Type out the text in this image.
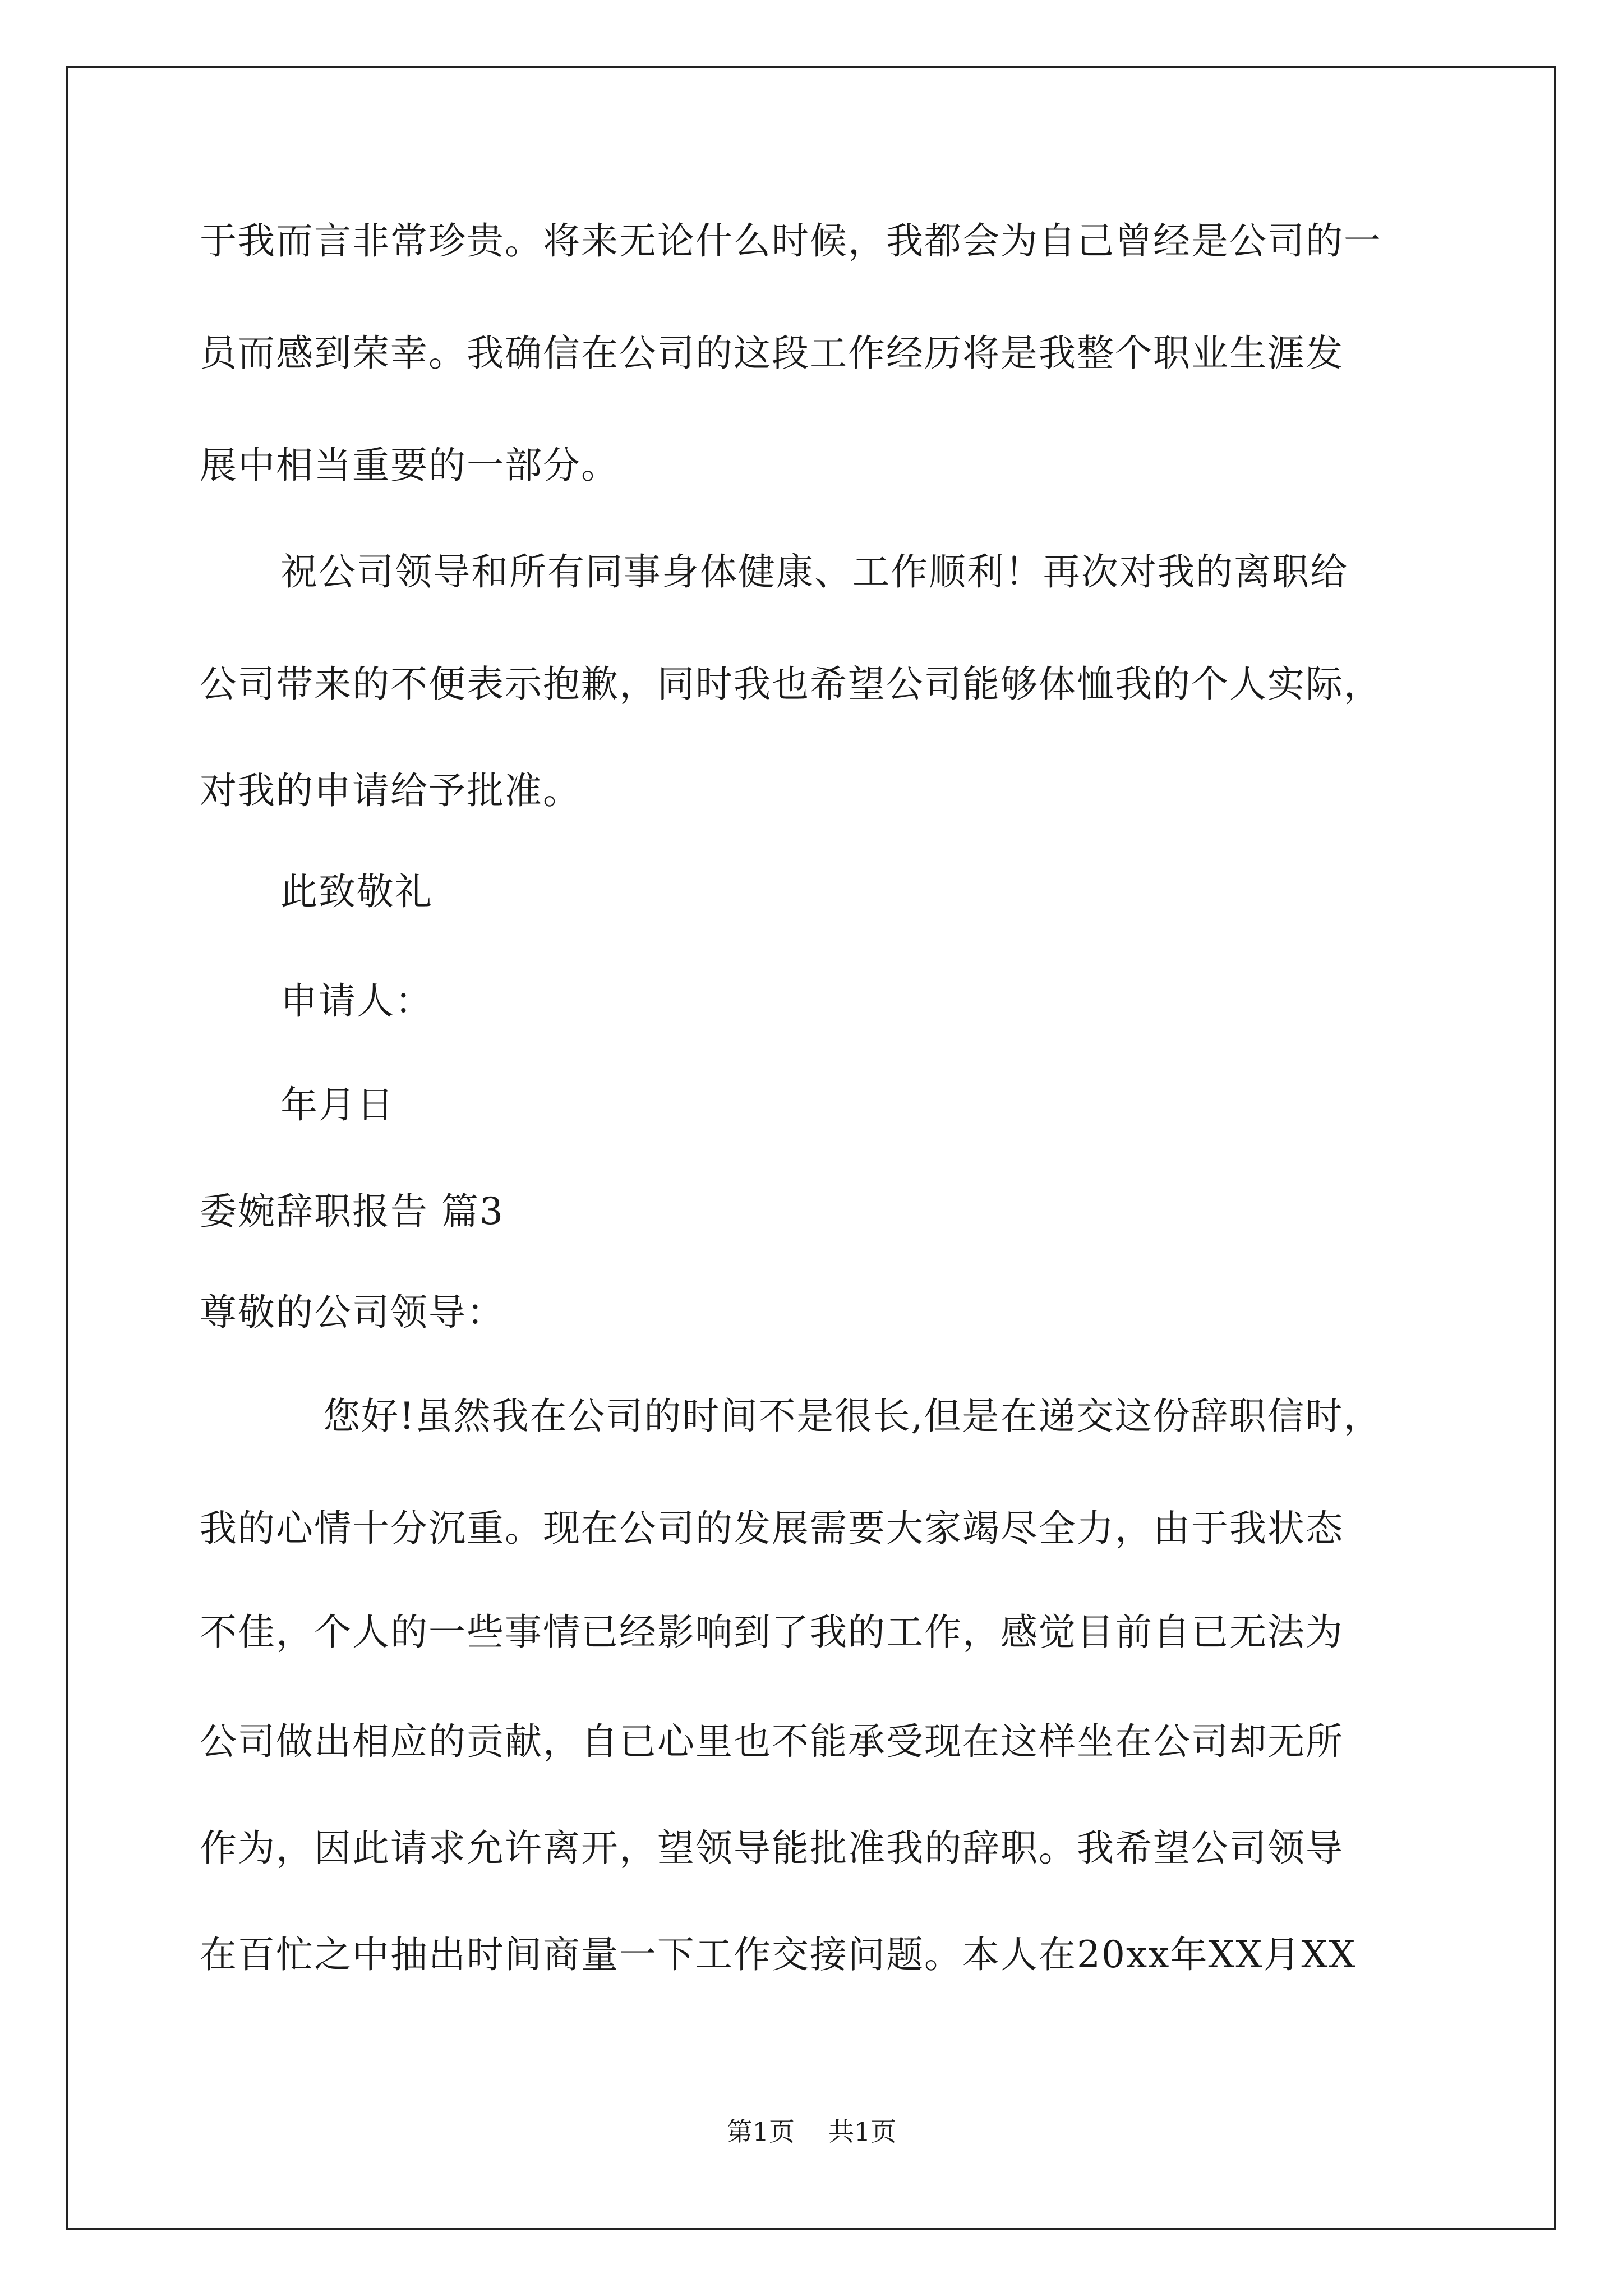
于我而言非常珍贵。将来无论什么时候，我都会为自己曾经是公司的一
员而感到荣幸。我确信在公司的这段工作经历将是我整个职业生涯发
展中相当重要的一部分。
祝公司领导和所有同事身体健康、工作顺利！再次对我的离职给
公司带来的不便表示抱歉，同时我也希望公司能够体恤我的个人实际，
对我的申请给予批准。
此致敬礼
申请人：
年月日
委婉辞职报告 篇3
尊敬的公司领导：
您好!虽然我在公司的时间不是很长,但是在递交这份辞职信时，
我的心情十分沉重。现在公司的发展需要大家竭尽全力，由于我状态
不佳，个人的一些事情已经影响到了我的工作，感觉目前自已无法为
公司做出相应的贡献，自已心里也不能承受现在这样坐在公司却无所
作为，因此请求允许离开，望领导能批准我的辞职。我希望公司领导
在百忙之中抽出时间商量一下工作交接问题。本人在20xx年XX月XX
第1页 共1页
